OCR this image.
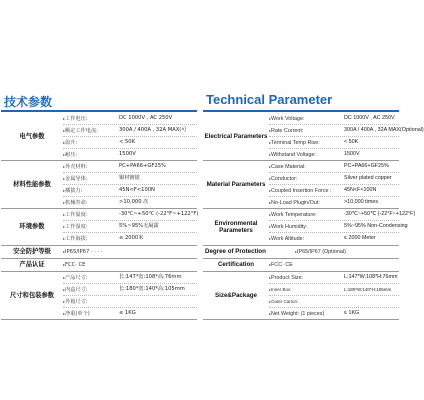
技术参数
电气参数
▸ 工作电压:	DC 1000V , AC 250V
▸ 额定工作电流:	300A / 400A , 32A MAX(可
▸ 温升:	< 50K
▸ 耐压:	1500V
材料性能参数
▸ 外壳材料:	PC+PA66+GF25%
▸ 金属导体:	铜材镀银
▸ 插拔力:	45N<F<100N
▸ 机械寿命:	>10,000 次
环境参数
▸ 工作温度:	-30℃~+50℃ (-22°F~+122°F)
▸ 工作湿度:	5%~95%无凝露
▸ 工作海拔:	≤ 2000米
安全防护等级	▸ IP65/IP67 · · · ·
产品认证	▸ FCC· CE
尺寸和包装参数
▸ 产品尺寸:	长:147*宽:108*高:76mm
▸ 内盒尺寸:	长:180*宽:140*高:105mm
▸ 外箱尺寸:
▸ 净重(单个)	≤ 1KG
Technical Parameter
Electrical Parameters
▸ Work Voltage:	DC 1000V , AC 250V
▸ Rate Current:	300A / 400A , 32A MAX(Optional)
▸ Terminal Temp Rise:	< 50K
▸ Withstand Voltage:	1500V
Material Parameters
▸ Case Material:	PC+PA66+GF25%
▸ Conductor:	Silver plated copper
▸ Coupled Insertion Force : 45N<F<100N
▸ No-Load Plugin/Out:	>10,000 times
Environmental Parameters
▸ Work Temperature:	-30℃~+50℃ (-22°F~+122°F)
▸ Work Humidity:	5%~95% Non-Condensing
▸ Work Altitude:	≤ 2000 Meter
Degree of Protection	▸ IP65/IP67 (Optional)
Certification	▸ FCC· CE
Size&Package
▸ Product Size:	L:147*W:108*H:76mm
▸ Inner Box:	L:180*W:140*H:105mm
▸ Outer Carton:
▸ Net Weight: (1 pieces)	≤ 1KG
